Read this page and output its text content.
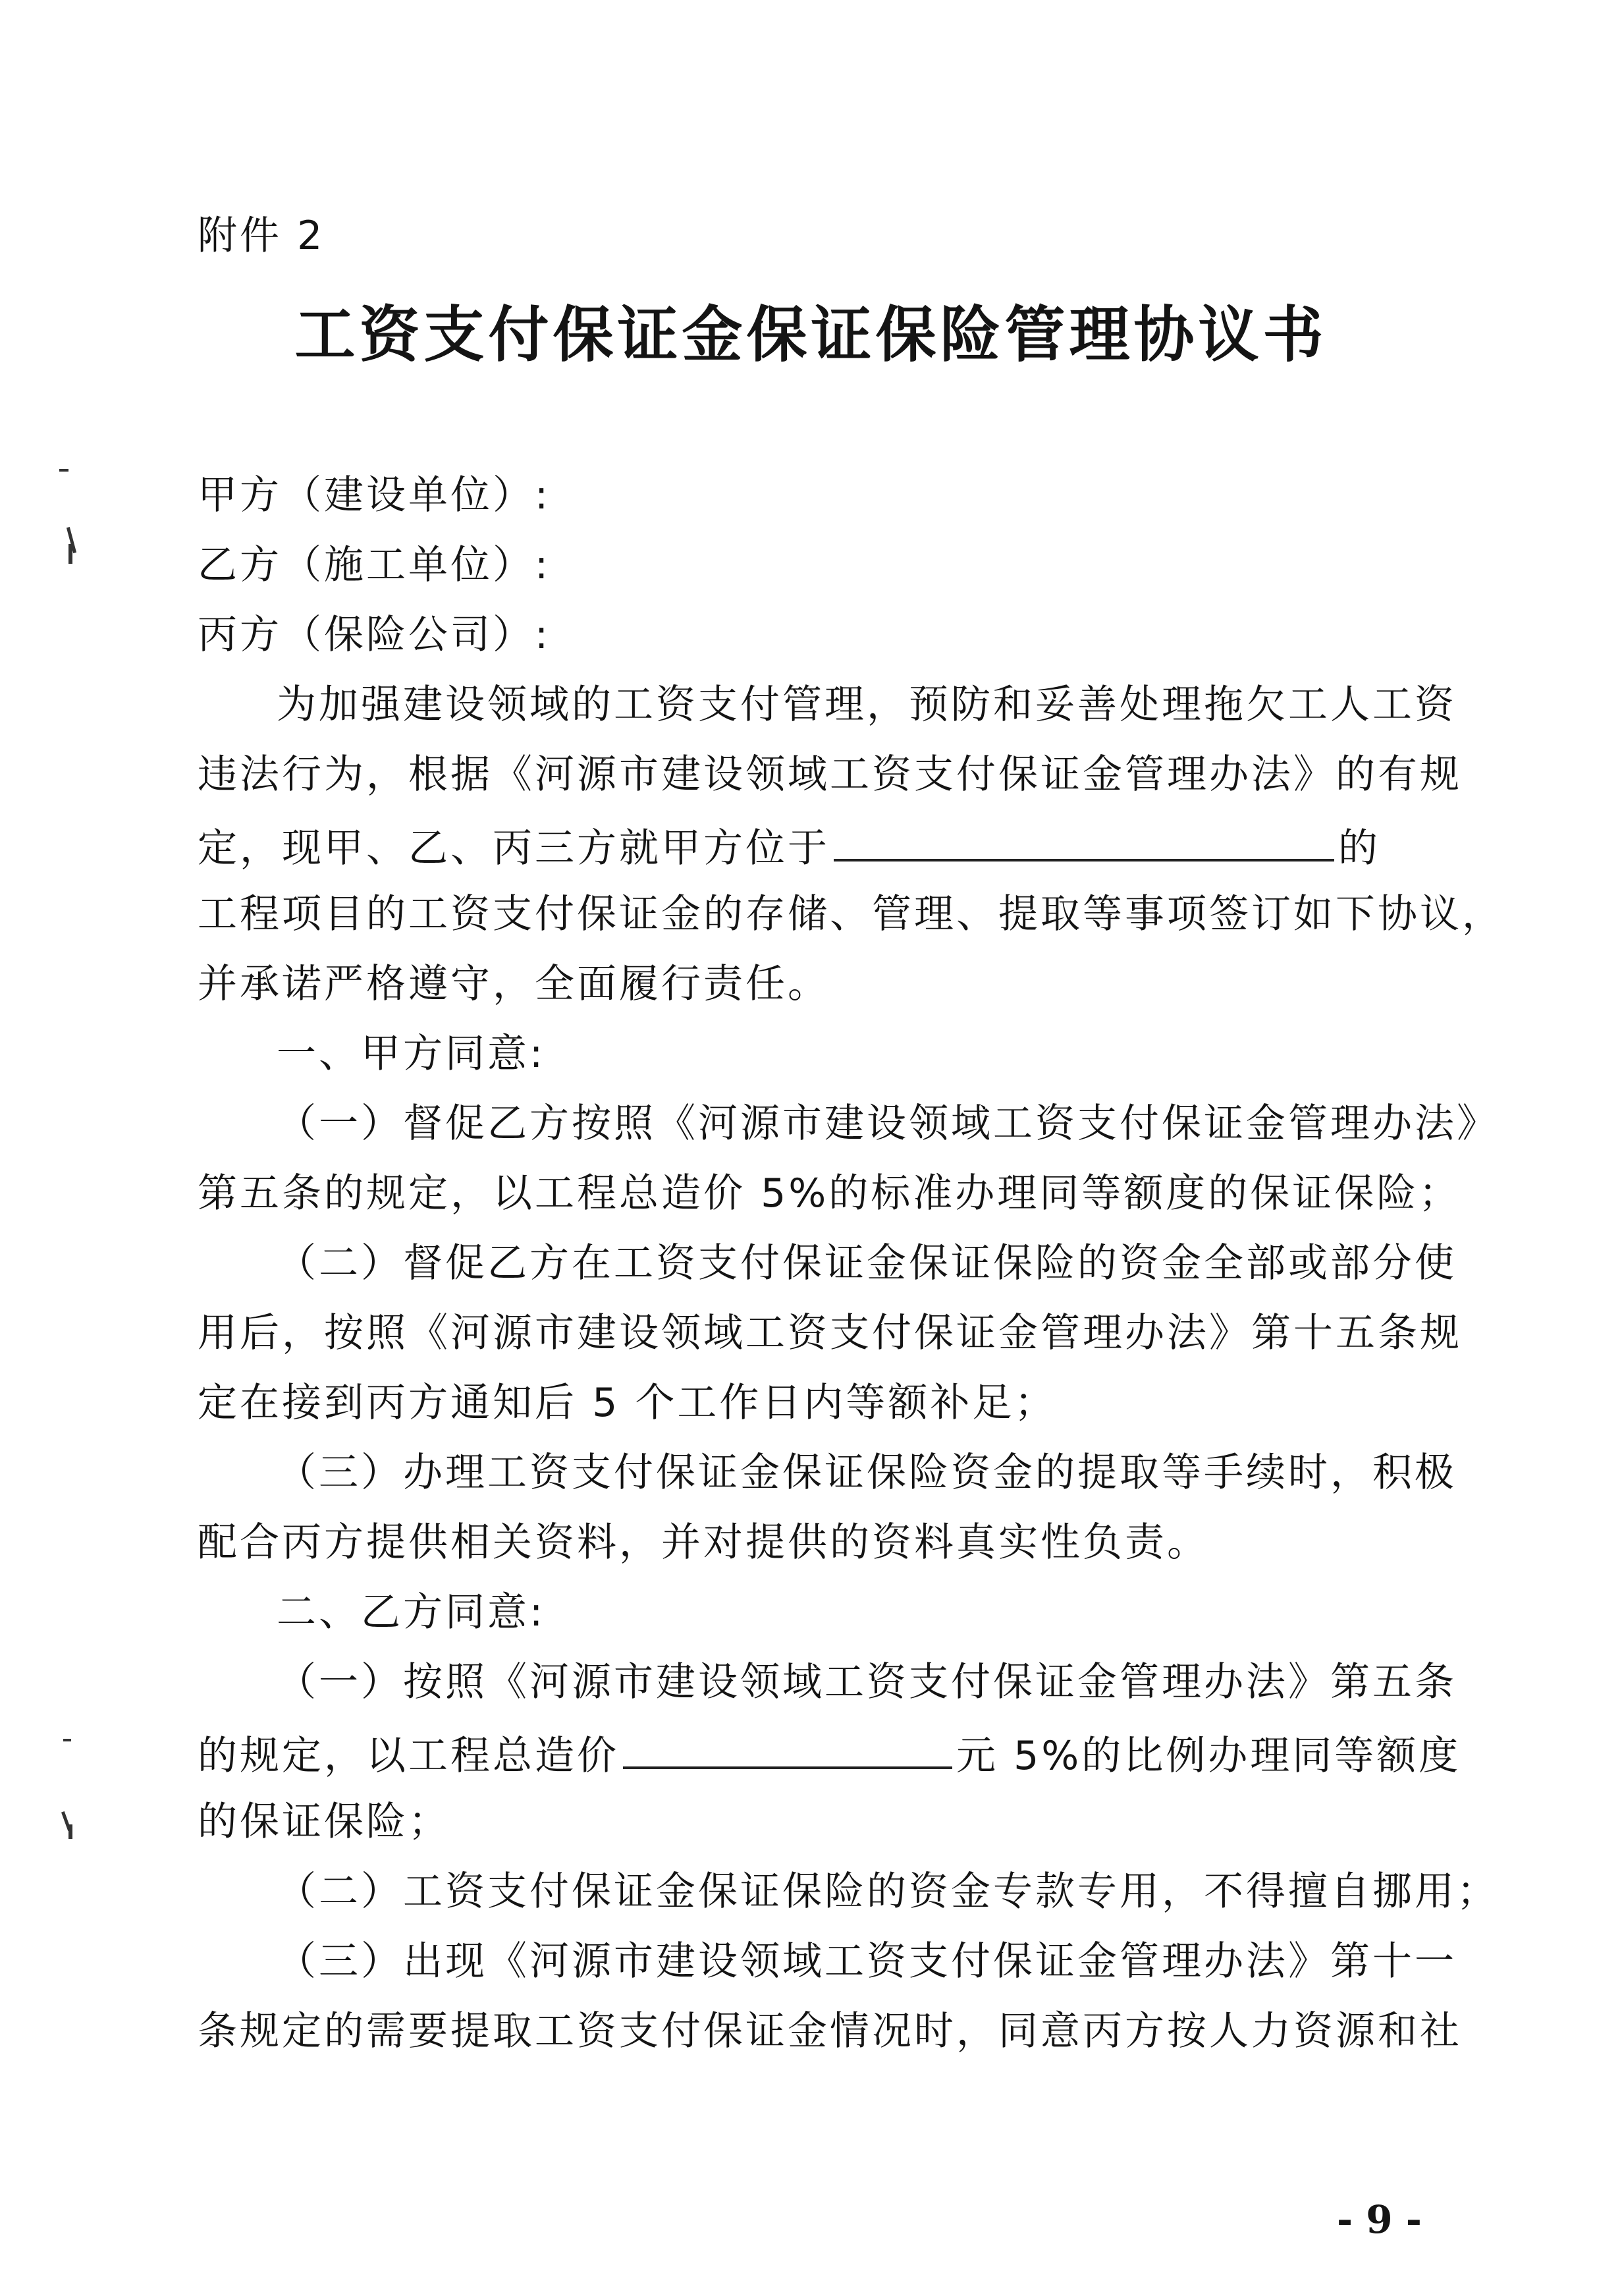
附件 2
工资支付保证金保证保险管理协议书
甲方（建设单位）:
乙方（施工单位）:
丙方（保险公司）:
为加强建设领域的工资支付管理，预防和妥善处理拖欠工人工资
违法行为，根据《河源市建设领域工资支付保证金管理办法》的有规
定，现甲、乙、丙三方就甲方位于	的
工程项目的工资支付保证金的存储、管理、提取等事项签订如下协议，
并承诺严格遵守，全面履行责任。
一、甲方同意:
（一）督促乙方按照《河源市建设领域工资支付保证金管理办法》
第五条的规定，以工程总造价 5%的标准办理同等额度的保证保险；
（二）督促乙方在工资支付保证金保证保险的资金全部或部分使
用后，按照《河源市建设领域工资支付保证金管理办法》第十五条规
定在接到丙方通知后 5 个工作日内等额补足；
（三）办理工资支付保证金保证保险资金的提取等手续时，积极
配合丙方提供相关资料，并对提供的资料真实性负责。
二、乙方同意:
（一）按照《河源市建设领域工资支付保证金管理办法》第五条
的规定，以工程总造价	元 5%的比例办理同等额度
的保证保险；
（二）工资支付保证金保证保险的资金专款专用，不得擅自挪用；
（三）出现《河源市建设领域工资支付保证金管理办法》第十一
条规定的需要提取工资支付保证金情况时，同意丙方按人力资源和社
- 9 -
